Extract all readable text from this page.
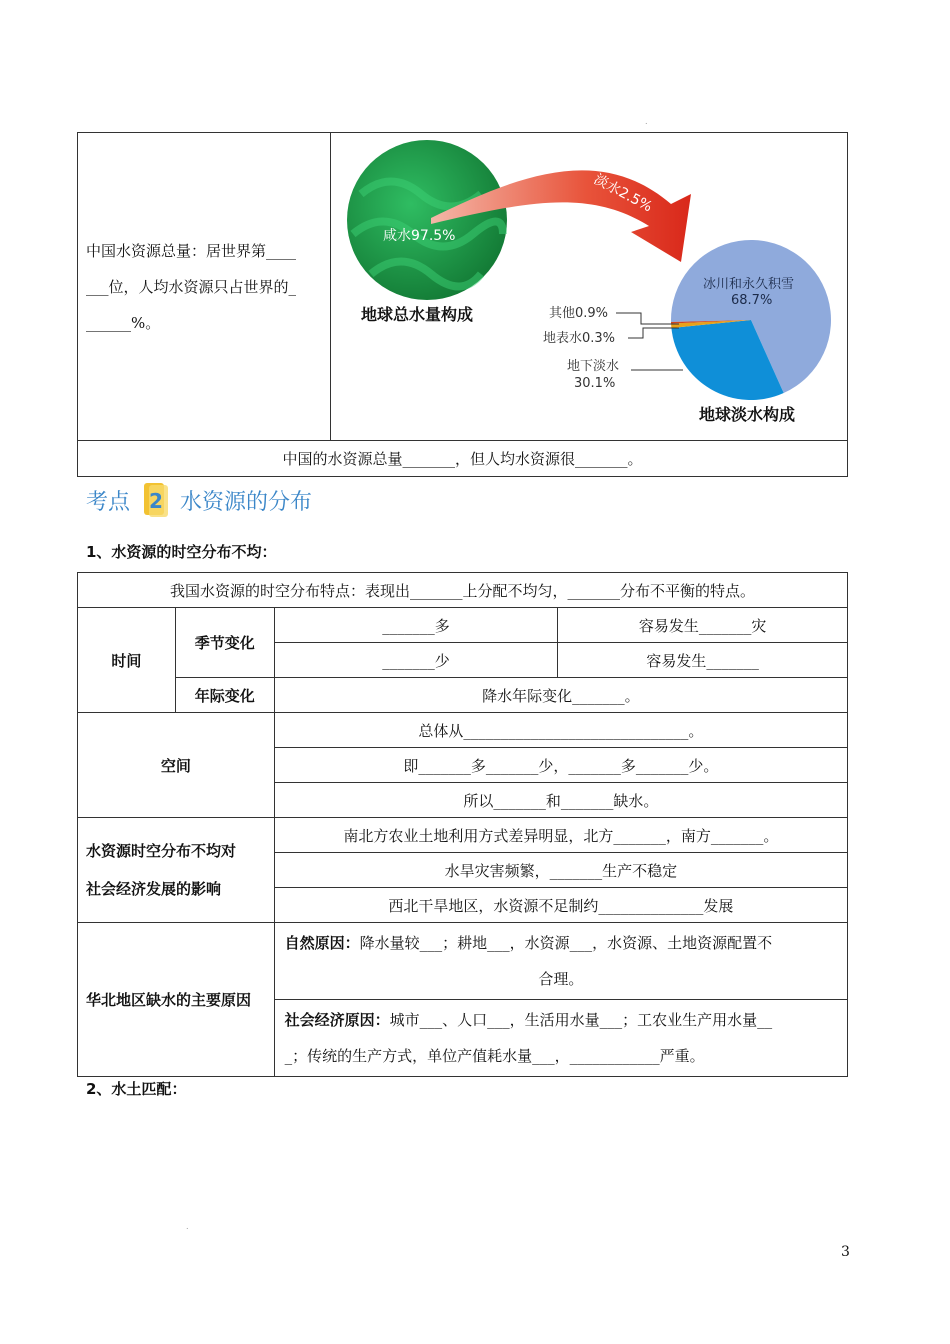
.
中国水资源总量：居世界第____
___位，人均水资源只占世界的_
______%。

咸水97.5%
地球总水量构成
淡水2.5%
冰川和永久积雪
68.7%
其他0.9%
地表水0.3%
地下淡水
30.1%
地球淡水构成

中国的水资源总量_______，但人均水资源很_______。
考点 2 水资源的分布
1、水资源的时空分布不均：
我国水资源的时空分布特点：表现出_______上分配不均匀，_______分布不平衡的特点。			
时间	季节变化	_______多	容易发生_______灾
		_______少	容易发生_______
	年际变化	降水年际变化_______。	
空间		总体从______________________________。	
		即_______多_______少，_______多_______少。	
		所以_______和_______缺水。	

水资源时空分布不均对
社会经济发展的影响		南北方农业土地利用方式差异明显，北方_______，南方_______。	
		水旱灾害频繁，_______生产不稳定	
		西北干旱地区，水资源不足制约______________发展	
华北地区缺水的主要原因		自然原因：降水量较___；耕地___，水资源___，水资源、土地资源配置不
合理。	

		社会经济原因：城市___、人口___，生活用水量___；工农业生产用水量__
_；传统的生产方式，单位产值耗水量___，____________严重。	
2、水土匹配：
.
3
